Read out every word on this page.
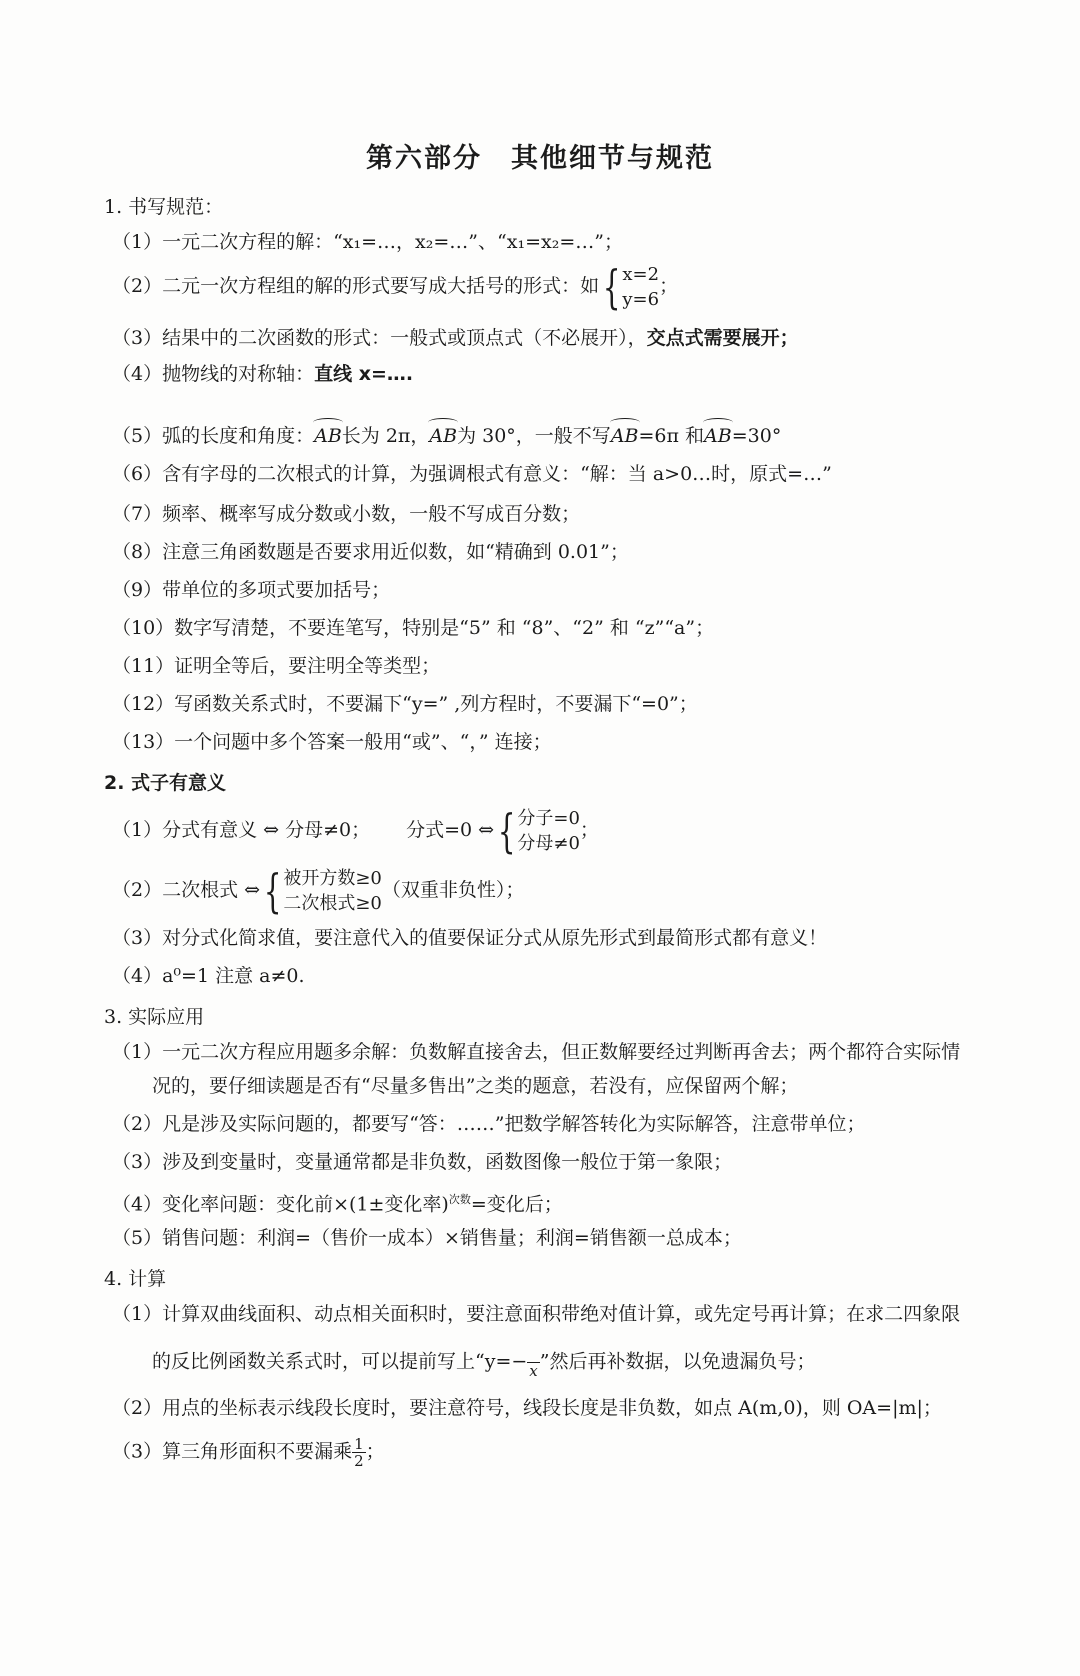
第六部分　其他细节与规范
1. 书写规范：
（1）一元二次方程的解：“x₁=…，x₂=…”、“x₁=x₂=…”；
（2）二元一次方程组的解的形式要写成大括号的形式：如{ x=2
y=6
；
（3）结果中的二次函数的形式：一般式或顶点式（不必展开），交点式需要展开；
（4）抛物线的对称轴：直线 x=….
（5）弧的长度和角度：AB长为 2π，AB为 30°，一般不写AB=6π 和AB=30°
（6）含有字母的二次根式的计算，为强调根式有意义：“解：当 a>0…时，原式=…”
（7）频率、概率写成分数或小数，一般不写成百分数；
（8）注意三角函数题是否要求用近似数，如“精确到 0.01”；
（9）带单位的多项式要加括号；
（10）数字写清楚，不要连笔写，特别是“5” 和 “8”、“2” 和 “z”“a”；
（11）证明全等后，要注明全等类型；
（12）写函数关系式时，不要漏下“y=” ,列方程时，不要漏下“=0”；
（13）一个问题中多个答案一般用“或”、“，” 连接；
2. 式子有意义
（1）分式有意义 ⇔ 分母≠0； 分式=0 ⇔{ 分子=0
分母≠0
；
（2）二次根式 ⇔{ 被开方数≥0
二次根式≥0
（双重非负性）；
（3）对分式化简求值，要注意代入的值要保证分式从原先形式到最简形式都有意义！
（4）a⁰=1 注意 a≠0.
3. 实际应用
（1）一元二次方程应用题多余解：负数解直接舍去，但正数解要经过判断再舍去；两个都符合实际情
况的，要仔细读题是否有“尽量多售出”之类的题意，若没有，应保留两个解；
（2）凡是涉及实际问题的，都要写“答：……”把数学解答转化为实际解答，注意带单位；
（3）涉及到变量时，变量通常都是非负数，函数图像一般位于第一象限；
（4）变化率问题：变化前×(1±变化率)$^{次数}$=变化后；
（5）销售问题：利润=（售价一成本）×销售量；利润=销售额一总成本；
4. 计算
（1）计算双曲线面积、动点相关面积时，要注意面积带绝对值计算，或先定号再计算；在求二四象限
的反比例函数关系式时，可以提前写上“y=−
x ”然后再补数据，以免遗漏负号；
（2）用点的坐标表示线段长度时，要注意符号，线段长度是非负数，如点 A(m,0)，则 OA=|m|；
（3）算三角形面积不要漏乘 $\frac{1}{2}$ ；
